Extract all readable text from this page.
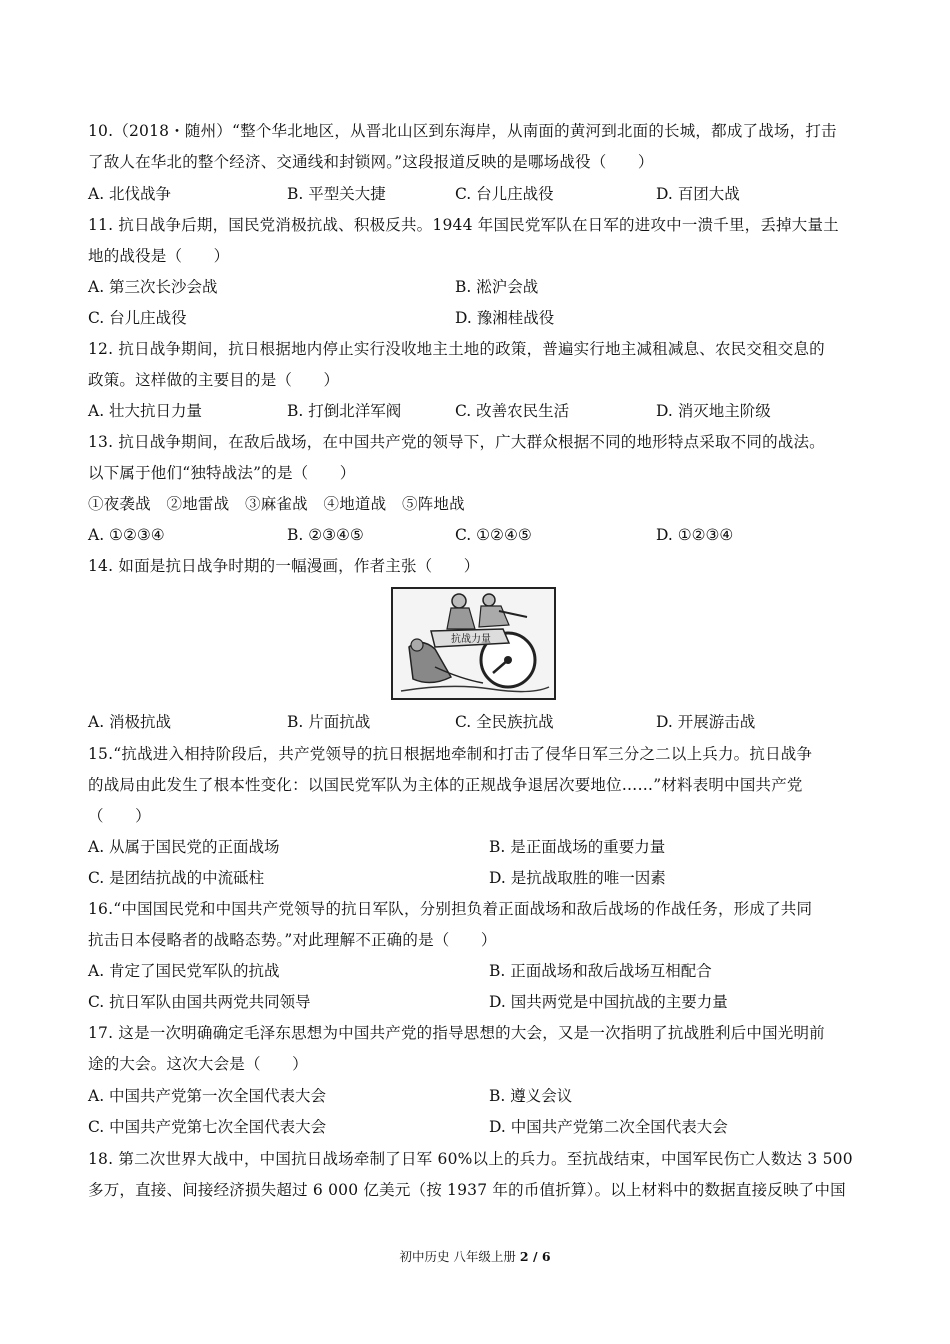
10.（2018・随州）“整个华北地区，从晋北山区到东海岸，从南面的黄河到北面的长城，都成了战场，打击
了敌人在华北的整个经济、交通线和封锁网。”这段报道反映的是哪场战役（　　）
A. 北伐战争	B. 平型关大捷	C. 台儿庄战役	D. 百团大战
11. 抗日战争后期，国民党消极抗战、积极反共。1944 年国民党军队在日军的进攻中一溃千里，丢掉大量土
地的战役是（　　）
A. 第三次长沙会战	B. 淞沪会战
C. 台儿庄战役	D. 豫湘桂战役
12. 抗日战争期间，抗日根据地内停止实行没收地主土地的政策，普遍实行地主减租减息、农民交租交息的
政策。这样做的主要目的是（　　）
A. 壮大抗日力量	B. 打倒北洋军阀	C. 改善农民生活	D. 消灭地主阶级
13. 抗日战争期间，在敌后战场，在中国共产党的领导下，广大群众根据不同的地形特点采取不同的战法。
以下属于他们“独特战法”的是（　　）
①夜袭战　②地雷战　③麻雀战　④地道战　⑤阵地战
A. ①②③④	B. ②③④⑤	C. ①②④⑤	D. ①②③④
14. 如面是抗日战争时期的一幅漫画，作者主张（　　）
抗战力量
A. 消极抗战	B. 片面抗战	C. 全民族抗战	D. 开展游击战
15.“抗战进入相持阶段后，共产党领导的抗日根据地牵制和打击了侵华日军三分之二以上兵力。抗日战争
的战局由此发生了根本性变化：以国民党军队为主体的正规战争退居次要地位……”材料表明中国共产党
（　　）
A. 从属于国民党的正面战场	B. 是正面战场的重要力量
C. 是团结抗战的中流砥柱	D. 是抗战取胜的唯一因素
16.“中国国民党和中国共产党领导的抗日军队，分别担负着正面战场和敌后战场的作战任务，形成了共同
抗击日本侵略者的战略态势。”对此理解不正确的是（　　）
A. 肯定了国民党军队的抗战	B. 正面战场和敌后战场互相配合
C. 抗日军队由国共两党共同领导	D. 国共两党是中国抗战的主要力量
17. 这是一次明确确定毛泽东思想为中国共产党的指导思想的大会，又是一次指明了抗战胜利后中国光明前
途的大会。这次大会是（　　）
A. 中国共产党第一次全国代表大会	B. 遵义会议
C. 中国共产党第七次全国代表大会	D. 中国共产党第二次全国代表大会
18. 第二次世界大战中，中国抗日战场牵制了日军 60%以上的兵力。至抗战结束，中国军民伤亡人数达 3 500
多万，直接、间接经济损失超过 6 000 亿美元（按 1937 年的币值折算）。以上材料中的数据直接反映了中国
初中历史 八年级上册 2 / 6
